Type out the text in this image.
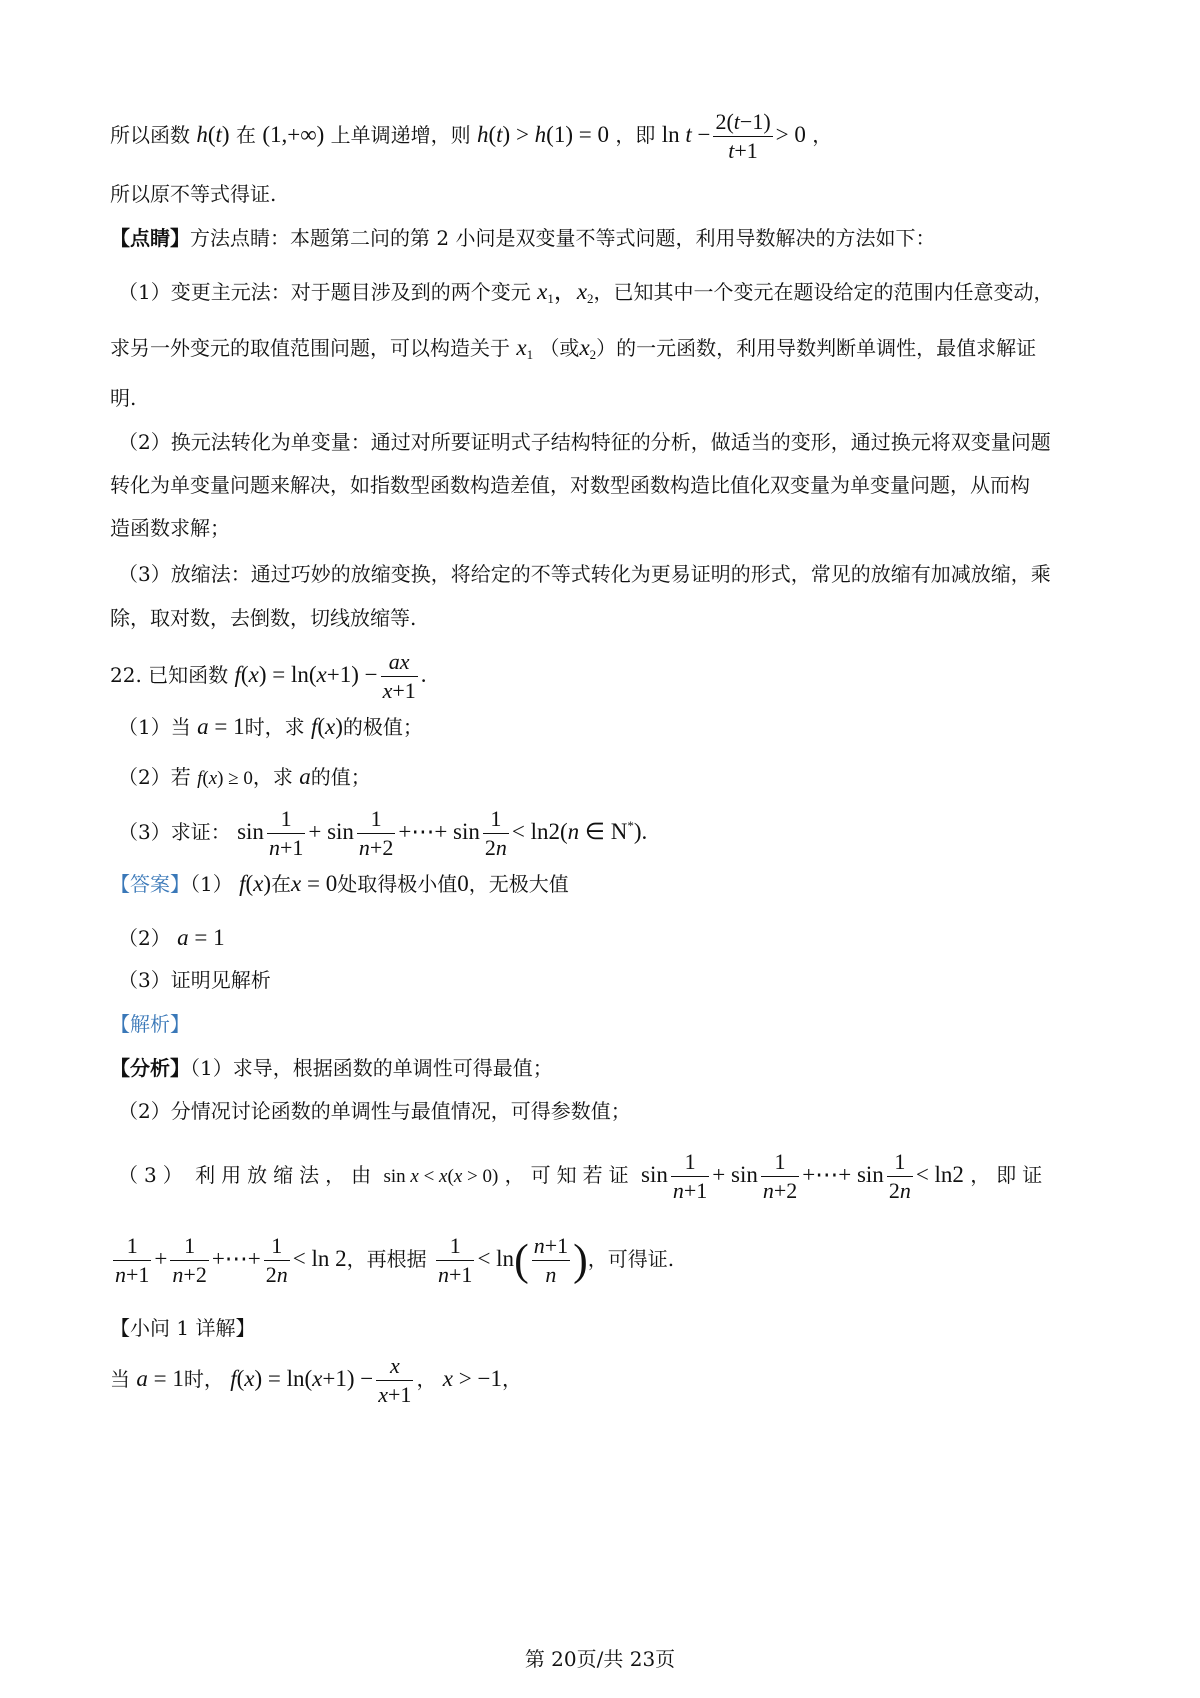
所以函数 h(t) 在 (1,+∞) 上单调递增，则 h(t) > h(1) = 0 ，即 $\ln t - \frac{2(t-1)}{t+1} > 0$ ，
所以原不等式得证.
【点睛】方法点睛：本题第二问的第 2 小问是双变量不等式问题，利用导数解决的方法如下：
（1）变更主元法：对于题目涉及到的两个变元 $x_1$，$x_2$，已知其中一个变元在题设给定的范围内任意变动，
求另一外变元的取值范围问题，可以构造关于 $x_1$ （或$x_2$）的一元函数，利用导数判断单调性，最值求解证
明.
（2）换元法转化为单变量：通过对所要证明式子结构特征的分析，做适当的变形，通过换元将双变量问题
转化为单变量问题来解决，如指数型函数构造差值，对数型函数构造比值化双变量为单变量问题，从而构
造函数求解；
（3）放缩法：通过巧妙的放缩变换，将给定的不等式转化为更易证明的形式，常见的放缩有加减放缩，乘
除，取对数，去倒数，切线放缩等.
22. 已知函数 $f(x) = \ln(x+1) - \frac{ax}{x+1}$ .
（1）当 a = 1时，求 f(x)的极值；
（2）若 f(x) ≥ 0，求 a的值；
（3）求证： $\sin \frac{1}{n+1} + \sin \frac{1}{n+2}$ +⋯+ $\sin \frac{1}{2n} < \ln 2(n$ ∈ N*).
【答案】（1） f(x)在x = 0处取得极小值0，无极大值
（2） a = 1
（3）证明见解析
【解析】
【分析】（1）求导，根据函数的单调性可得最值；
（2）分情况讨论函数的单调性与最值情况，可得参数值；
（3） 利用放缩法，由 sin x < x(x > 0) ，可知若证 $\sin \frac{1}{n+1} + \sin \frac{1}{n+2}$ +⋯+ $\sin \frac{1}{2n} < \ln 2$ ，即证
$\frac{1}{n+1} + \frac{1}{n+2}$ +⋯+ $\frac{1}{2n} < \ln 2$，再根据 $\frac{1}{n+1} < \ln( \frac{n+1}{n}$ )，可得证.
【小问 1 详解】
当 a = 1时， $f(x) = \ln(x+1) - \frac{x}{x+1}$ ， x > −1，
第 20页/共 23页
